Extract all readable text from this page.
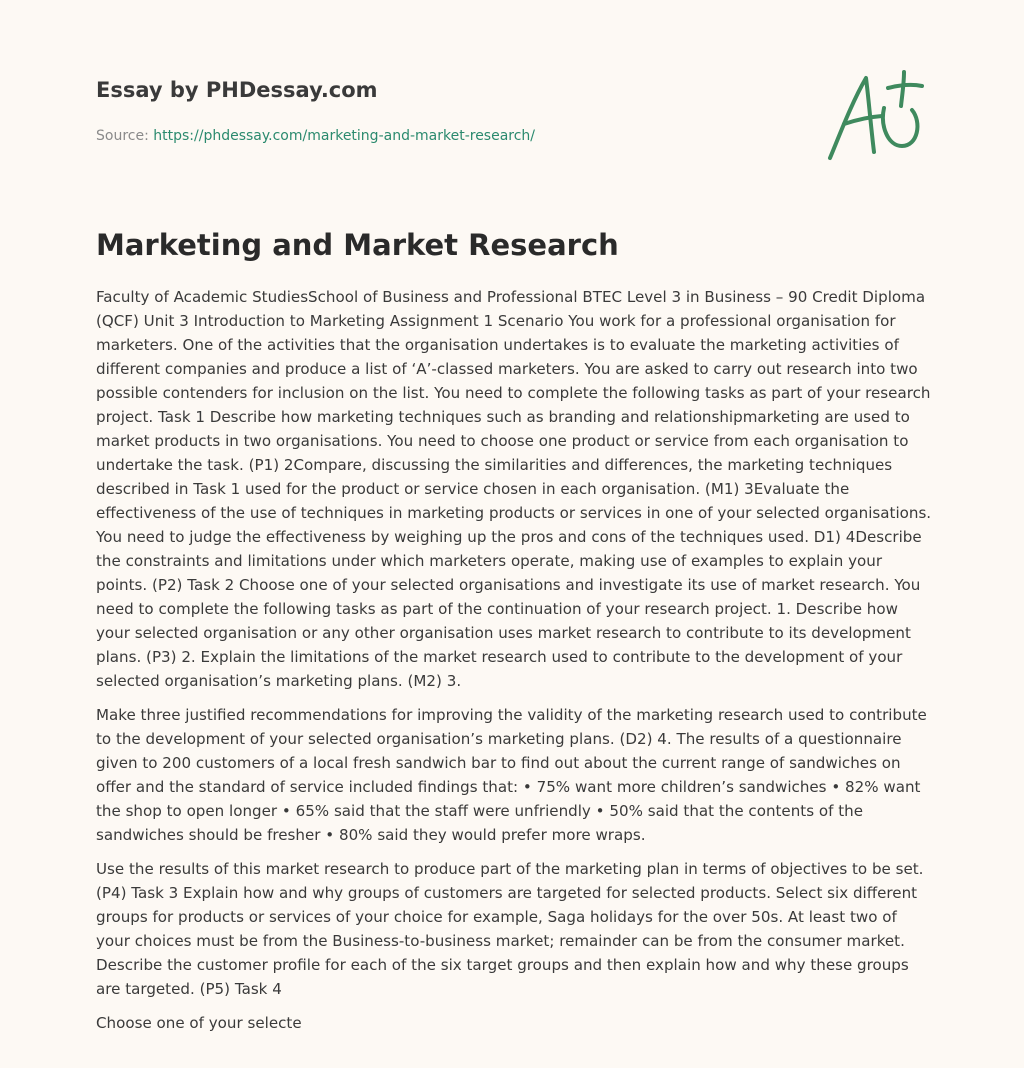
Essay by PHDessay.com
Source: https://phdessay.com/marketing-and-market-research/
Marketing and Market Research

Faculty of Academic StudiesSchool of Business and Professional BTEC Level 3 in Business – 90 Credit Diploma (QCF) Unit 3 Introduction to Marketing Assignment 1 Scenario You work for a professional organisation for marketers. One of the activities that the organisation undertakes is to evaluate the marketing activities of different companies and produce a list of ‘A’-classed marketers. You are asked to carry out research into two possible contenders for inclusion on the list. You need to complete the following tasks as part of your research project. Task 1 Describe how marketing techniques such as branding and relationshipmarketing are used to market products in two organisations. You need to choose one product or service from each organisation to undertake the task. (P1) 2Compare, discussing the similarities and differences, the marketing techniques described in Task 1 used for the product or service chosen in each organisation. (M1) 3Evaluate the effectiveness of the use of techniques in marketing products or services in one of your selected organisations. You need to judge the effectiveness by weighing up the pros and cons of the techniques used. D1) 4Describe the constraints and limitations under which marketers operate, making use of examples to explain your points. (P2) Task 2 Choose one of your selected organisations and investigate its use of market research. You need to complete the following tasks as part of the continuation of your research project. 1. Describe how your selected organisation or any other organisation uses market research to contribute to its development plans. (P3) 2. Explain the limitations of the market research used to contribute to the development of your selected organisation’s marketing plans. (M2) 3.

Make three justified recommendations for improving the validity of the marketing research used to contribute to the development of your selected organisation’s marketing plans. (D2) 4. The results of a questionnaire given to 200 customers of a local fresh sandwich bar to find out about the current range of sandwiches on offer and the standard of service included findings that: • 75% want more children’s sandwiches • 82% want the shop to open longer • 65% said that the staff were unfriendly • 50% said that the contents of the sandwiches should be fresher • 80% said they would prefer more wraps.

Use the results of this market research to produce part of the marketing plan in terms of objectives to be set. (P4) Task 3 Explain how and why groups of customers are targeted for selected products. Select six different groups for products or services of your choice for example, Saga holidays for the over 50s. At least two of your choices must be from the Business-to-business market; remainder can be from the consumer market. Describe the customer profile for each of the six target groups and then explain how and why these groups are targeted. (P5) Task 4

Choose one of your selecte
